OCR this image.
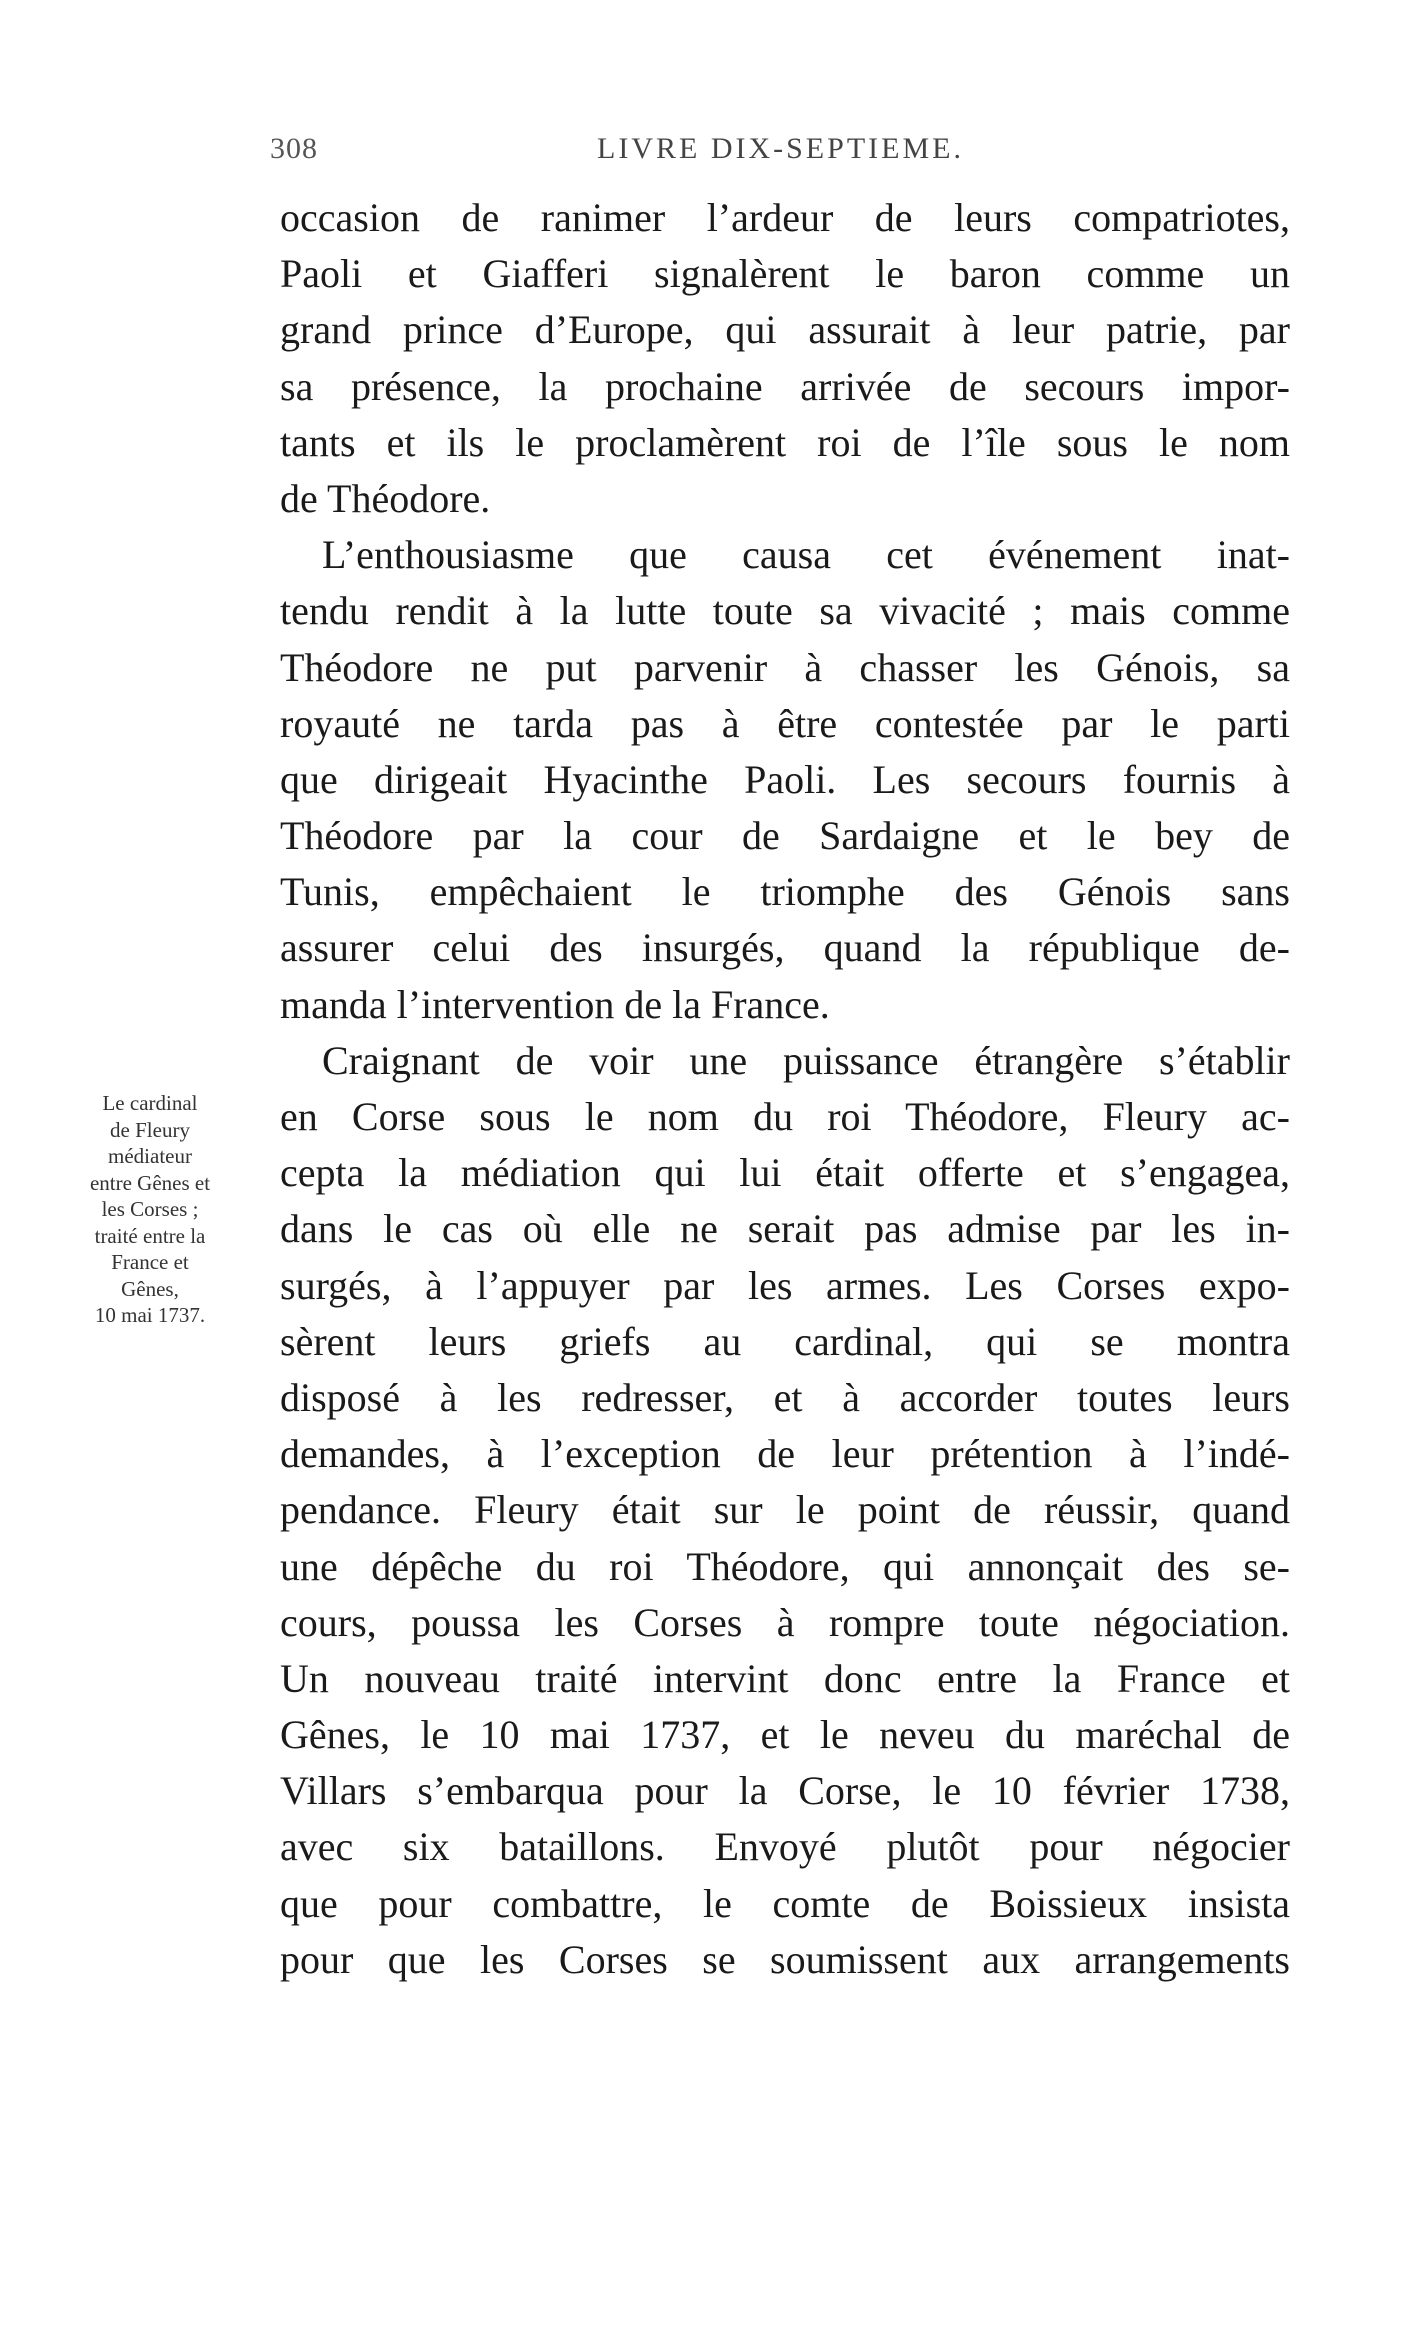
308	LIVRE DIX-SEPTIEME.
Le cardinal
de Fleury
médiateur
entre Gênes et
les Corses ;
traité entre la
France et
Gênes,
10 mai 1737.
occasion de ranimer l’ardeur de leurs compatriotes,
Paoli et Giafferi signalèrent le baron comme un
grand prince d’Europe, qui assurait à leur patrie, par
sa présence, la prochaine arrivée de secours impor-
tants et ils le proclamèrent roi de l’île sous le nom
de Théodore.
L’enthousiasme que causa cet événement inat-
tendu rendit à la lutte toute sa vivacité ; mais comme
Théodore ne put parvenir à chasser les Génois, sa
royauté ne tarda pas à être contestée par le parti
que dirigeait Hyacinthe Paoli. Les secours fournis à
Théodore par la cour de Sardaigne et le bey de
Tunis, empêchaient le triomphe des Génois sans
assurer celui des insurgés, quand la république de-
manda l’intervention de la France.
Craignant de voir une puissance étrangère s’établir
en Corse sous le nom du roi Théodore, Fleury ac-
cepta la médiation qui lui était offerte et s’engagea,
dans le cas où elle ne serait pas admise par les in-
surgés, à l’appuyer par les armes. Les Corses expo-
sèrent leurs griefs au cardinal, qui se montra
disposé à les redresser, et à accorder toutes leurs
demandes, à l’exception de leur prétention à l’indé-
pendance. Fleury était sur le point de réussir, quand
une dépêche du roi Théodore, qui annonçait des se-
cours, poussa les Corses à rompre toute négociation.
Un nouveau traité intervint donc entre la France et
Gênes, le 10 mai 1737, et le neveu du maréchal de
Villars s’embarqua pour la Corse, le 10 février 1738,
avec six bataillons. Envoyé plutôt pour négocier
que pour combattre, le comte de Boissieux insista
pour que les Corses se soumissent aux arrangements
